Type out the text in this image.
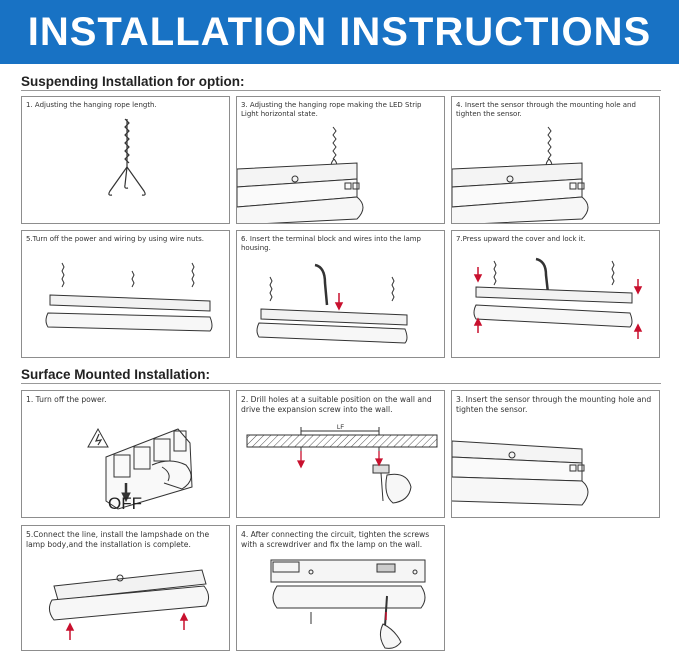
INSTALLATION INSTRUCTIONS
Suspending Installation for option:
1. Adjusting the hanging rope length.	3. Adjusting the hanging rope making the LED Strip Light horizontal state.
4. Insert the sensor through the mounting hole and tighten the sensor.
5.Turn off the power and wiring by using wire nuts.	6. Insert the terminal block and wires into the lamp housing.
7.Press upward the cover and lock it.
Surface Mounted Installation:
1. Turn off the power.
OFF
2. Drill holes at a suitable position on the wall and drive the expansion screw into the wall.
LF
3. Insert the sensor through the mounting hole and tighten the sensor.
5.Connect the line, install the lampshade on the lamp body,and the installation is complete.
4. After connecting the circuit, tighten the screws with a screwdriver and fix the lamp on the wall.
